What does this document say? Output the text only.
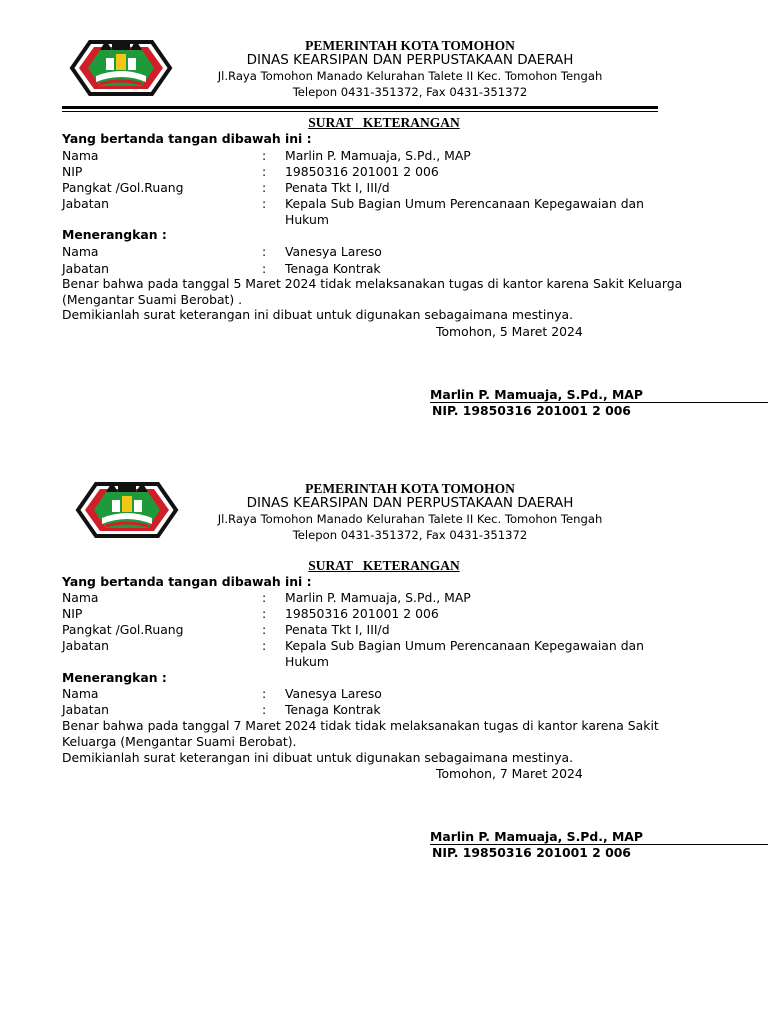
PEMERINTAH KOTA TOMOHON
DINAS KEARSIPAN DAN PERPUSTAKAAN DAERAH
Jl.Raya Tomohon Manado Kelurahan Talete II Kec. Tomohon Tengah
Telepon 0431-351372, Fax 0431-351372
SURAT   KETERANGAN
Yang bertanda tangan dibawah ini :
Nama	: Marlin P. Mamuaja, S.Pd., MAP
NIP	: 19850316 201001 2 006
Pangkat /Gol.Ruang	: Penata Tkt I, III/d
Jabatan	: Kepala Sub Bagian Umum Perencanaan Kepegawaian dan
Hukum
Menerangkan :
Nama	: Vanesya Lareso
Jabatan	: Tenaga Kontrak
Benar bahwa pada tanggal 5 Maret 2024 tidak melaksanakan tugas di kantor karena Sakit Keluarga
(Mengantar Suami Berobat) .
Demikianlah surat keterangan ini dibuat untuk digunakan sebagaimana mestinya.
Tomohon, 5 Maret 2024
Marlin P. Mamuaja, S.Pd., MAP
NIP. 19850316 201001 2 006
PEMERINTAH KOTA TOMOHON
DINAS KEARSIPAN DAN PERPUSTAKAAN DAERAH
Jl.Raya Tomohon Manado Kelurahan Talete II Kec. Tomohon Tengah
Telepon 0431-351372, Fax 0431-351372
SURAT   KETERANGAN
Yang bertanda tangan dibawah ini :
Nama	: Marlin P. Mamuaja, S.Pd., MAP
NIP	: 19850316 201001 2 006
Pangkat /Gol.Ruang	: Penata Tkt I, III/d
Jabatan	: Kepala Sub Bagian Umum Perencanaan Kepegawaian dan
Hukum
Menerangkan :
Nama	: Vanesya Lareso
Jabatan	: Tenaga Kontrak
Benar bahwa pada tanggal 7 Maret 2024 tidak tidak melaksanakan tugas di kantor karena Sakit
Keluarga (Mengantar Suami Berobat).
Demikianlah surat keterangan ini dibuat untuk digunakan sebagaimana mestinya.
Tomohon, 7 Maret 2024
Marlin P. Mamuaja, S.Pd., MAP
NIP. 19850316 201001 2 006
